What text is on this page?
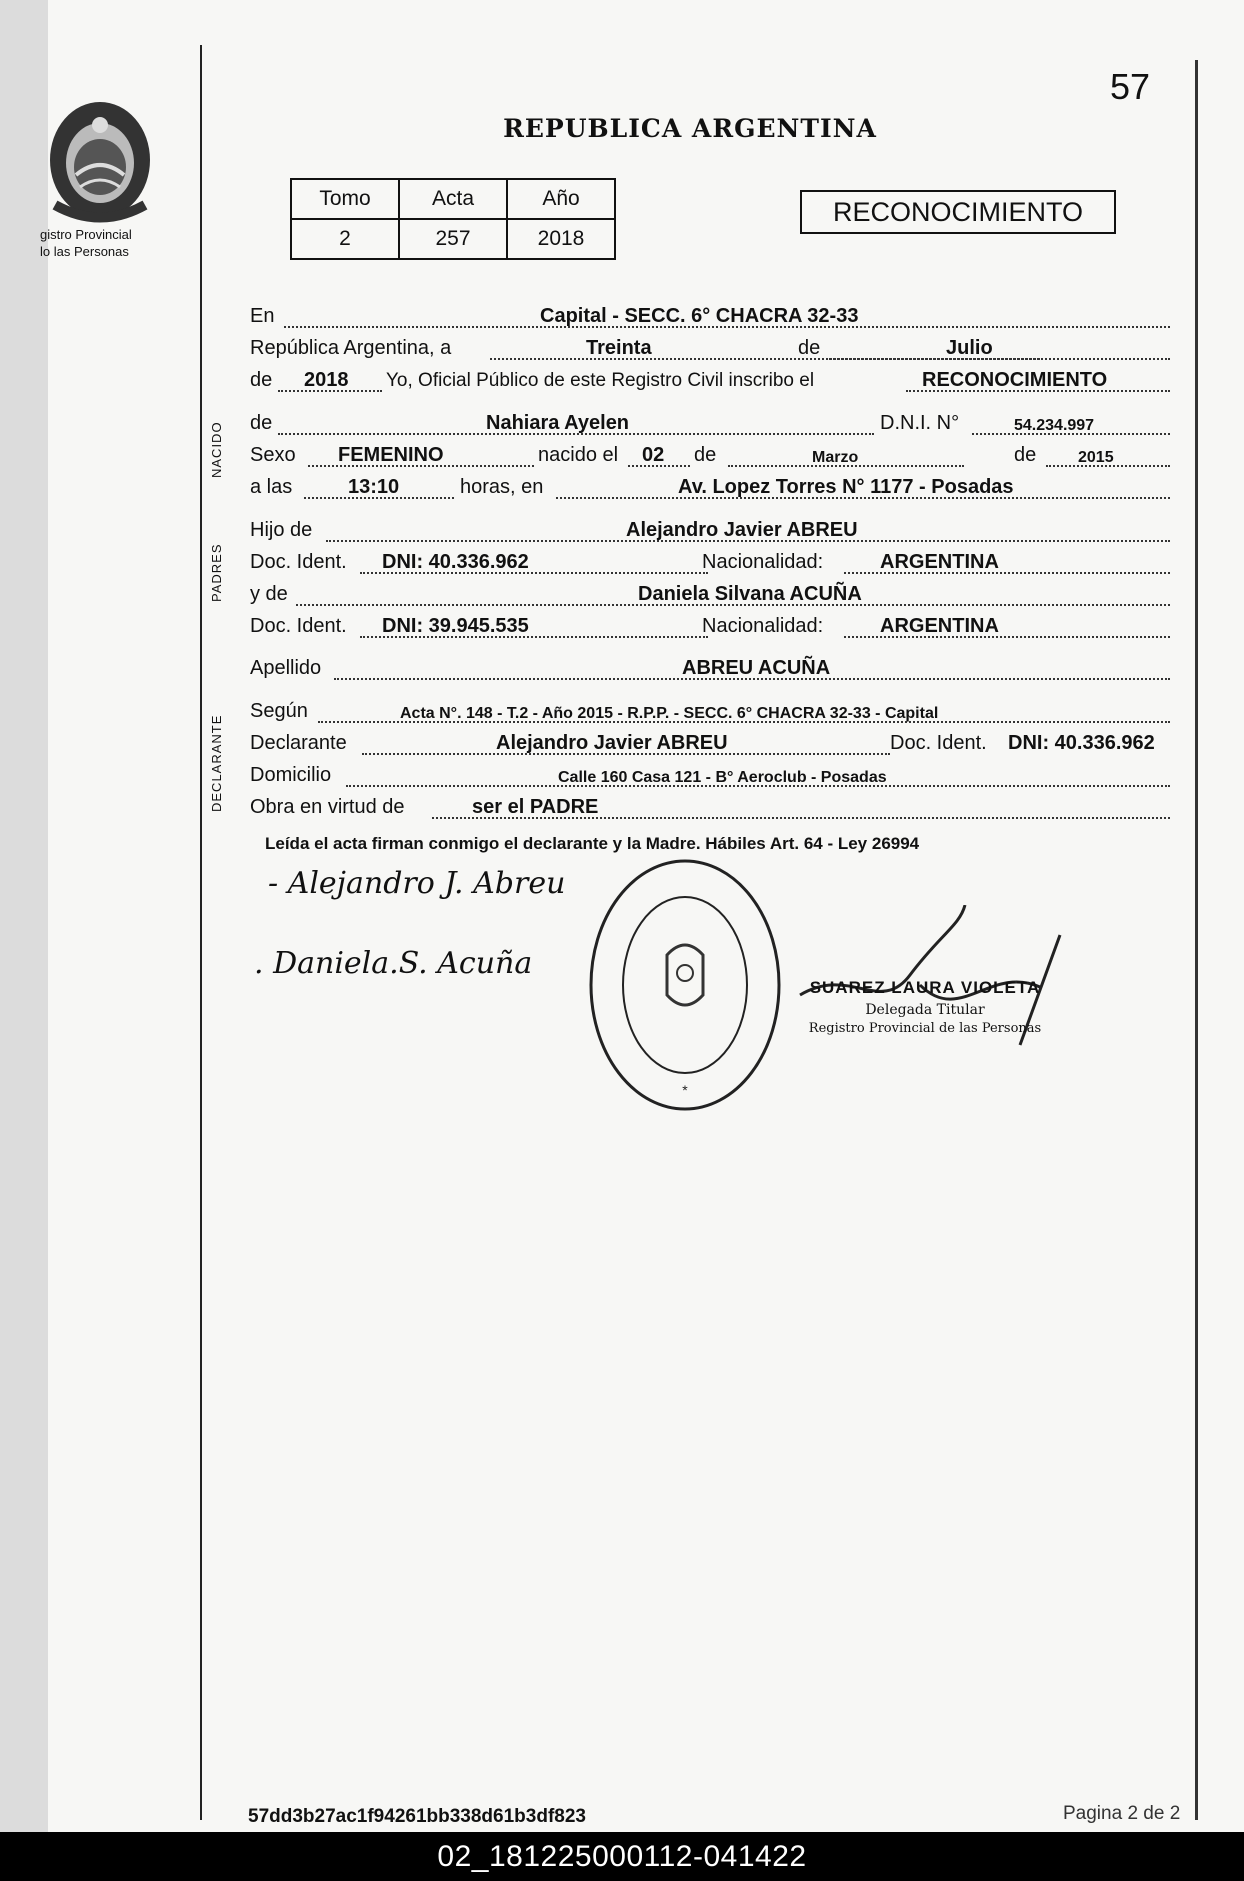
57
REPUBLICA ARGENTINA
gistro Provincial
lo las Personas
Tomo	Acta	Año
2	257	2018
RECONOCIMIENTO
NACIDO
PADRES
DECLARANTE
En	Capital - SECC. 6° CHACRA 32-33
República Argentina, a	Treinta	de	Julio
de 2018 Yo, Oficial Público de este Registro Civil inscribo el	RECONOCIMIENTO
de	Nahiara Ayelen	D.N.I. N°	54.234.997
Sexo FEMENINO	nacido el 02 de	Marzo	de	2015
a las	13:10	horas, en	Av. Lopez Torres N° 1177 - Posadas
Hijo de	Alejandro Javier ABREU
Doc. Ident. DNI: 40.336.962	Nacionalidad:	ARGENTINA
y de	Daniela Silvana ACUÑA
Doc. Ident. DNI: 39.945.535	Nacionalidad:	ARGENTINA
Apellido	ABREU ACUÑA
Según	Acta N°. 148 - T.2 - Año 2015 - R.P.P. - SECC. 6° CHACRA 32-33 - Capital
Declarante	Alejandro Javier ABREU	Doc. Ident. DNI: 40.336.962
Domicilio	Calle 160 Casa 121 - B° Aeroclub - Posadas
Obra en virtud de	ser el PADRE
Leída el acta firman conmigo el declarante y la Madre. Hábiles Art. 64 - Ley 26994
- Alejandro J. Abreu
. Daniela.S. Acuña
*
SUAREZ LAURA VIOLETA
Delegada Titular
Registro Provincial de las Personas
57dd3b27ac1f94261bb338d61b3df823	Pagina 2 de 2
02_181225000112-041422
